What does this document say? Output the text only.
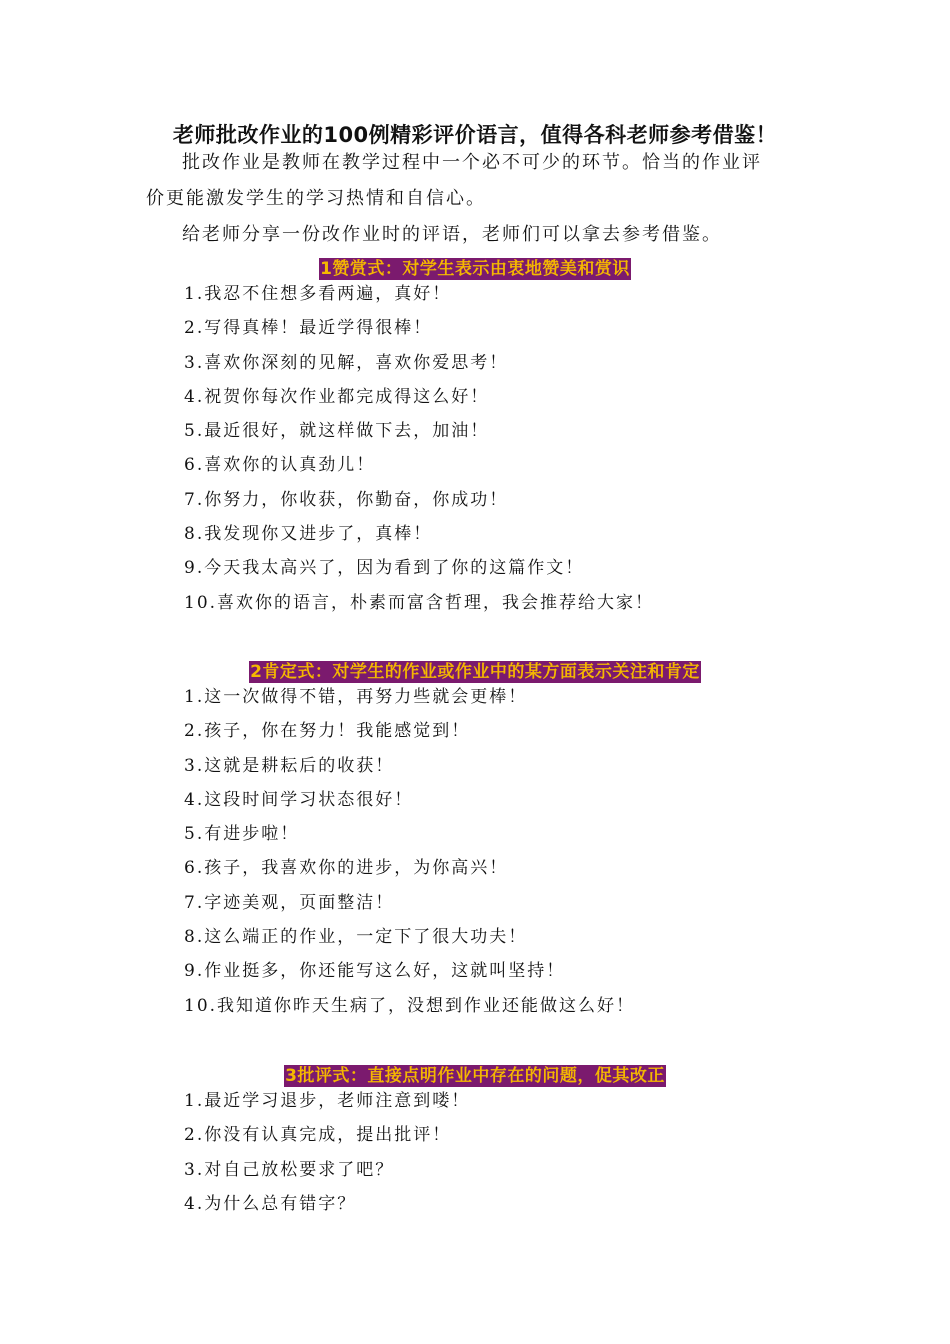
老师批改作业的100例精彩评价语言，值得各科老师参考借鉴！

批改作业是教师在教学过程中一个必不可少的环节。恰当的作业评

价更能激发学生的学习热情和自信心。

给老师分享一份改作业时的评语，老师们可以拿去参考借鉴。

1赞赏式：对学生表示由衷地赞美和赏识
1.我忍不住想多看两遍，真好！
2.写得真棒！最近学得很棒！
3.喜欢你深刻的见解，喜欢你爱思考！
4.祝贺你每次作业都完成得这么好！
5.最近很好，就这样做下去，加油！
6.喜欢你的认真劲儿！
7.你努力，你收获，你勤奋，你成功！
8.我发现你又进步了，真棒！
9.今天我太高兴了，因为看到了你的这篇作文！
10.喜欢你的语言，朴素而富含哲理，我会推荐给大家！
2肯定式：对学生的作业或作业中的某方面表示关注和肯定
1.这一次做得不错，再努力些就会更棒！
2.孩子，你在努力！我能感觉到！
3.这就是耕耘后的收获！
4.这段时间学习状态很好！
5.有进步啦！
6.孩子，我喜欢你的进步，为你高兴！
7.字迹美观，页面整洁！
8.这么端正的作业，一定下了很大功夫！
9.作业挺多，你还能写这么好，这就叫坚持！
10.我知道你昨天生病了，没想到作业还能做这么好！
3批评式：直接点明作业中存在的问题，促其改正
1.最近学习退步，老师注意到喽！
2.你没有认真完成，提出批评！
3.对自己放松要求了吧？
4.为什么总有错字？
